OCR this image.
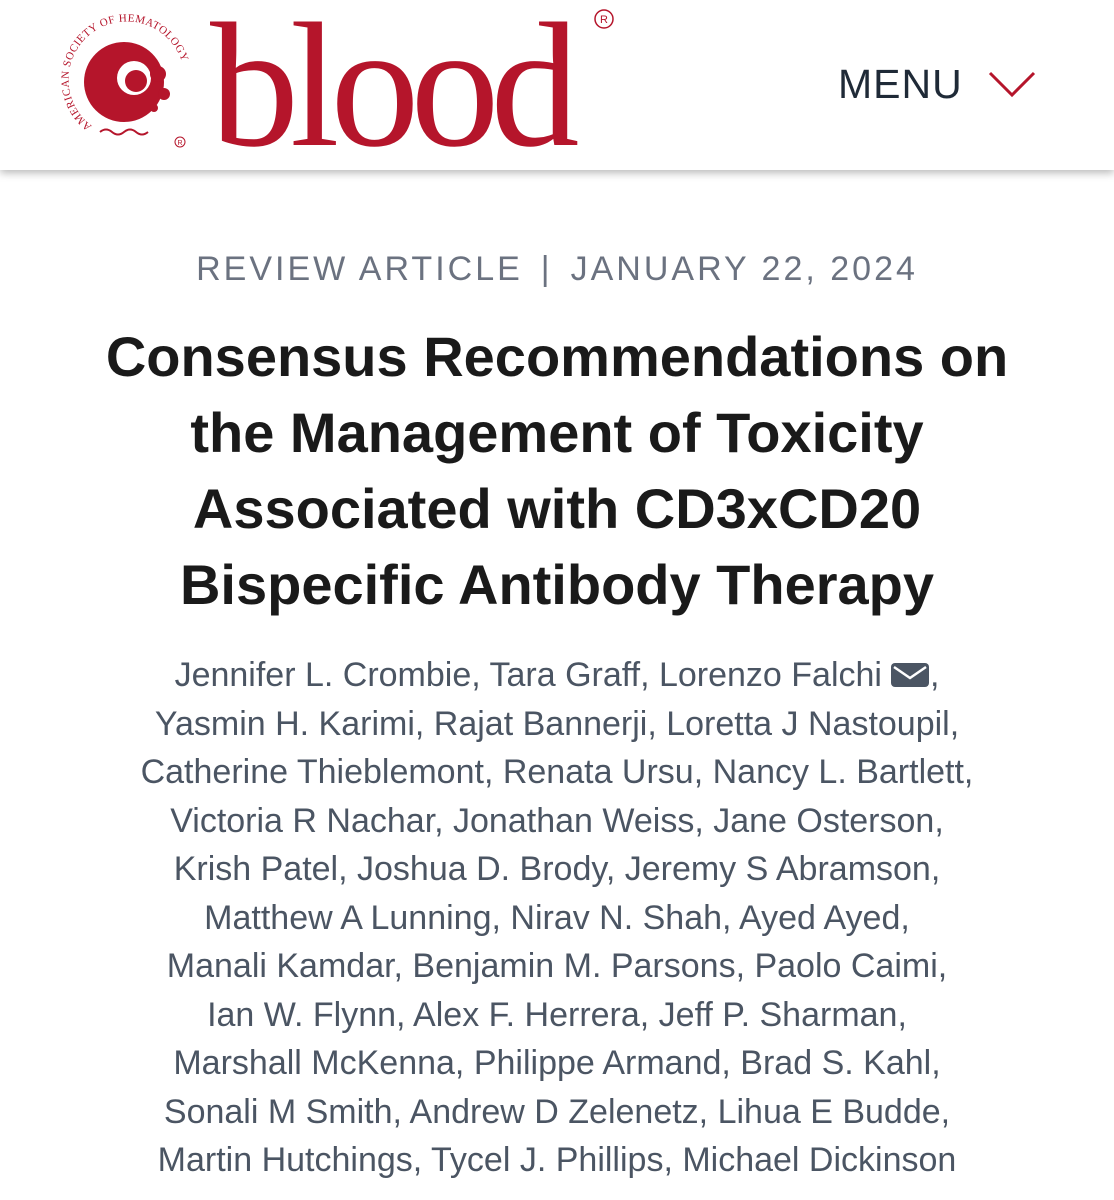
AMERICAN SOCIETY OF HEMATOLOGY
R blood	R
MENU
REVIEW ARTICLE | JANUARY 22, 2024
Consensus Recommendations on
the Management of Toxicity
Associated with CD3xCD20
Bispecific Antibody Therapy
Jennifer L. Crombie, Tara Graff, Lorenzo Falchi ,
Yasmin H. Karimi, Rajat Bannerji, Loretta J Nastoupil,
Catherine Thieblemont, Renata Ursu, Nancy L. Bartlett,
Victoria R Nachar, Jonathan Weiss, Jane Osterson,
Krish Patel, Joshua D. Brody, Jeremy S Abramson,
Matthew A Lunning, Nirav N. Shah, Ayed Ayed,
Manali Kamdar, Benjamin M. Parsons, Paolo Caimi,
Ian W. Flynn, Alex F. Herrera, Jeff P. Sharman,
Marshall McKenna, Philippe Armand, Brad S. Kahl,
Sonali M Smith, Andrew D Zelenetz, Lihua E Budde,
Martin Hutchings, Tycel J. Phillips, Michael Dickinson
